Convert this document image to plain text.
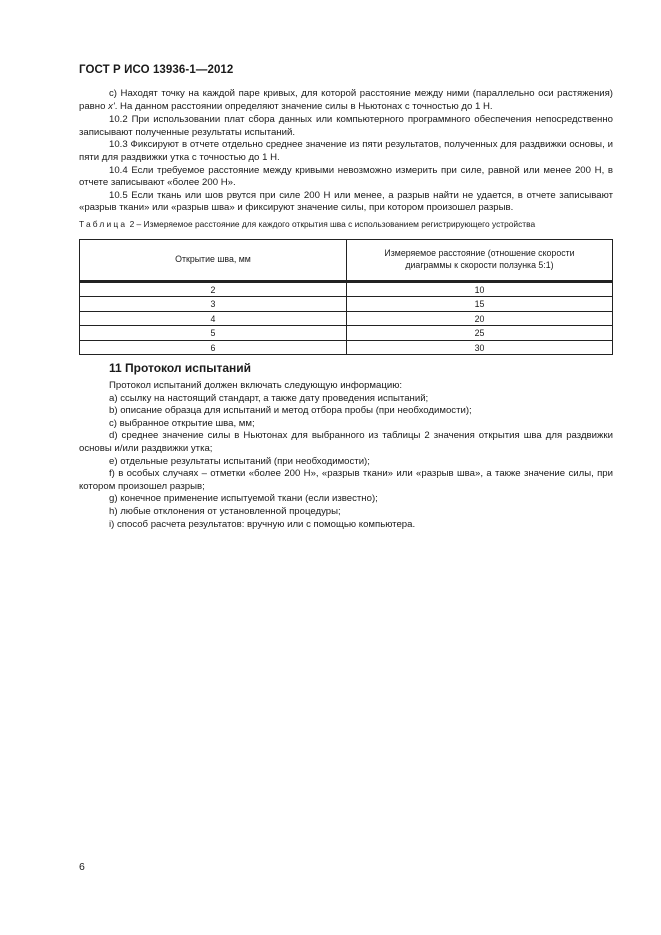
ГОСТ Р ИСО 13936-1—2012

с) Находят точку на каждой паре кривых, для которой расстояние между ними (параллельно оси растяжения) равно x'. На данном расстоянии определяют значение силы в Ньютонах с точностью до 1 Н.

10.2 При использовании плат сбора данных или компьютерного программного обеспечения непосредственно записывают полученные результаты испытаний.

10.3 Фиксируют в отчете отдельно среднее значение из пяти результатов, полученных для раздвижки основы, и пяти для раздвижки утка с точностью до 1 Н.

10.4 Если требуемое расстояние между кривыми невозможно измерить при силе, равной или менее 200 Н, в отчете записывают «более 200 Н».

10.5 Если ткань или шов рвутся при силе 200 Н или менее, а разрыв найти не удается, в отчете записывают «разрыв ткани» или «разрыв шва» и фиксируют значение силы, при котором произошел разрыв.

Таблица 2 – Измеряемое расстояние для каждого открытия шва с использованием регистрирующего устройства
Открытие шва, мм	Измеряемое расстояние (отношение скорости диаграммы к скорости ползунка 5:1)
2	10
3	15
4	20
5	25
6	30
11 Протокол испытаний

Протокол испытаний должен включать следующую информацию:

а) ссылку на настоящий стандарт, а также дату проведения испытаний;

b) описание образца для испытаний и метод отбора пробы (при необходимости);

c) выбранное открытие шва, мм;

d) среднее значение силы в Ньютонах для выбранного из таблицы 2 значения открытия шва для раздвижки основы и/или раздвижки утка;

e) отдельные результаты испытаний (при необходимости);

f) в особых случаях – отметки «более 200 Н», «разрыв ткани» или «разрыв шва», а также значение силы, при котором произошел разрыв;

g) конечное применение испытуемой ткани (если известно);

h) любые отклонения от установленной процедуры;

i) способ расчета результатов: вручную или с помощью компьютера.

6
